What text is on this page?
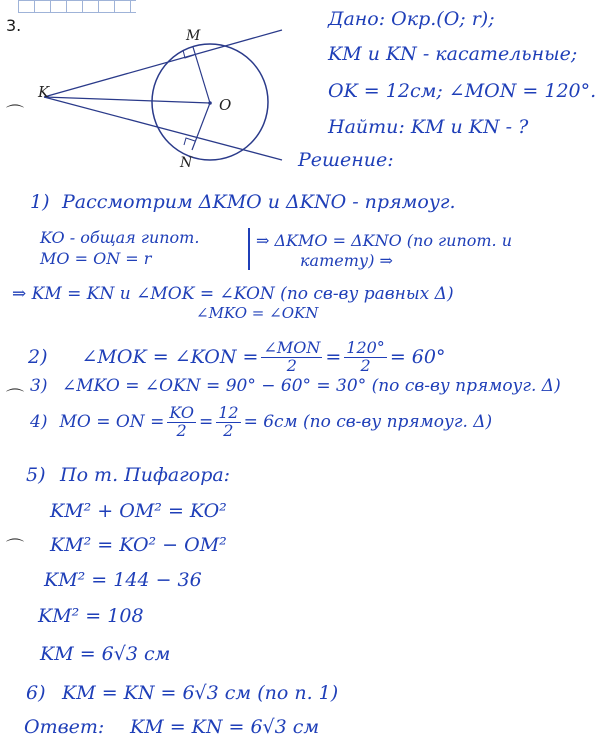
3.
K
M
O
N
Дано: Окр.(O; r);
KM и KN - касательные;
OK = 12см; ∠MON = 120°.
Найти: KM и KN - ?
Решение:
1) Рассмотрим ΔKMO и ΔKNO - прямоуг.
KO - общая гипот.
MO = ON = r
⇒ ΔKMO = ΔKNO (по гипот. и
катету) ⇒
⇒ KM = KN и ∠MOK = ∠KON (по св-ву равных Δ)
∠MKO = ∠OKN
2) ∠MOK = ∠KON = $\frac{\text{∠MON}}{2} = \frac{120^\circ}{2} = 60^\circ$
3) ∠MKO = ∠OKN = 90° − 60° = 30° (по св-ву прямоуг. Δ)
4) MO = ON = $\frac{KO}{2} = \frac{12}{2} = 6см$ (по св-ву прямоуг. Δ)
5) По т. Пифагора:
KM² + OM² = KO²
KM² = KO² − OM²
KM² = 144 − 36
KM² = 108
KM = 6√3 см
6) KM = KN = 6√3 см (по п. 1)
Ответ: KM = KN = 6√3 см
⌒
⌒
⌒
